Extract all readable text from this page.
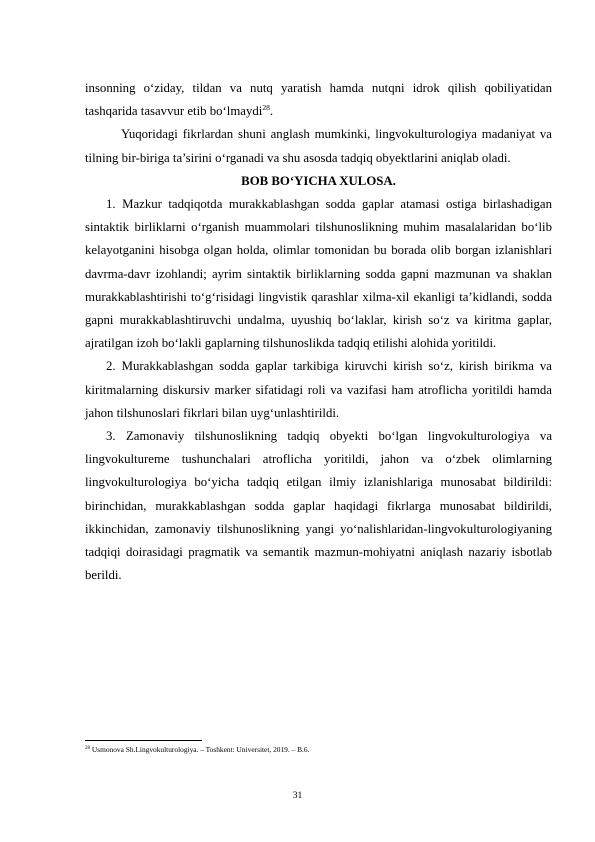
insonning o‘ziday, tildan va nutq yaratish hamda nutqni idrok qilish qobiliyatidan tashqarida tasavvur etib bo‘lmaydi$^{28}$.

Yuqoridagi fikrlardan shuni anglash mumkinki, lingvokulturologiya madaniyat va tilning bir-biriga ta’sirini o‘rganadi va shu asosda tadqiq obyektlarini aniqlab oladi.

BOB BO‘YICHA XULOSA.

1. Mazkur tadqiqotda murakkablashgan sodda gaplar atamasi ostiga birlashadigan sintaktik birliklarni o‘rganish muammolari tilshunoslikning muhim masalalaridan bo‘lib kelayotganini hisobga olgan holda, olimlar tomonidan bu borada olib borgan izlanishlari davrma-davr izohlandi; ayrim sintaktik birliklarning sodda gapni mazmunan va shaklan murakkablashtirishi to‘g‘risidagi lingvistik qarashlar xilma-xil ekanligi ta’kidlandi, sodda gapni murakkablashtiruvchi undalma, uyushiq bo‘laklar, kirish so‘z va kiritma gaplar, ajratilgan izoh bo‘lakli gaplarning tilshunoslikda tadqiq etilishi alohida yoritildi.

2. Murakkablashgan sodda gaplar tarkibiga kiruvchi kirish so‘z, kirish birikma va kiritmalarning diskursiv marker sifatidagi roli va vazifasi ham atroflicha yoritildi hamda jahon tilshunoslari fikrlari bilan uyg‘unlashtirildi.

3. Zamonaviy tilshunoslikning tadqiq obyekti bo‘lgan lingvokulturologiya va lingvokultureme tushunchalari atroflicha yoritildi, jahon va o‘zbek olimlarning lingvokulturologiya bo‘yicha tadqiq etilgan ilmiy izlanishlariga munosabat bildirildi: birinchidan, murakkablashgan sodda gaplar haqidagi fikrlarga munosabat bildirildi, ikkinchidan, zamonaviy tilshunoslikning yangi yo‘nalishlaridan-lingvokulturologiyaning tadqiqi doirasidagi pragmatik va semantik mazmun-mohiyatni aniqlash nazariy isbotlab berildi.

$^{28}$ Usmonova Sh.Lingvokulturologiya. – Toshkent: Universitet, 2019. – B.6.
31
